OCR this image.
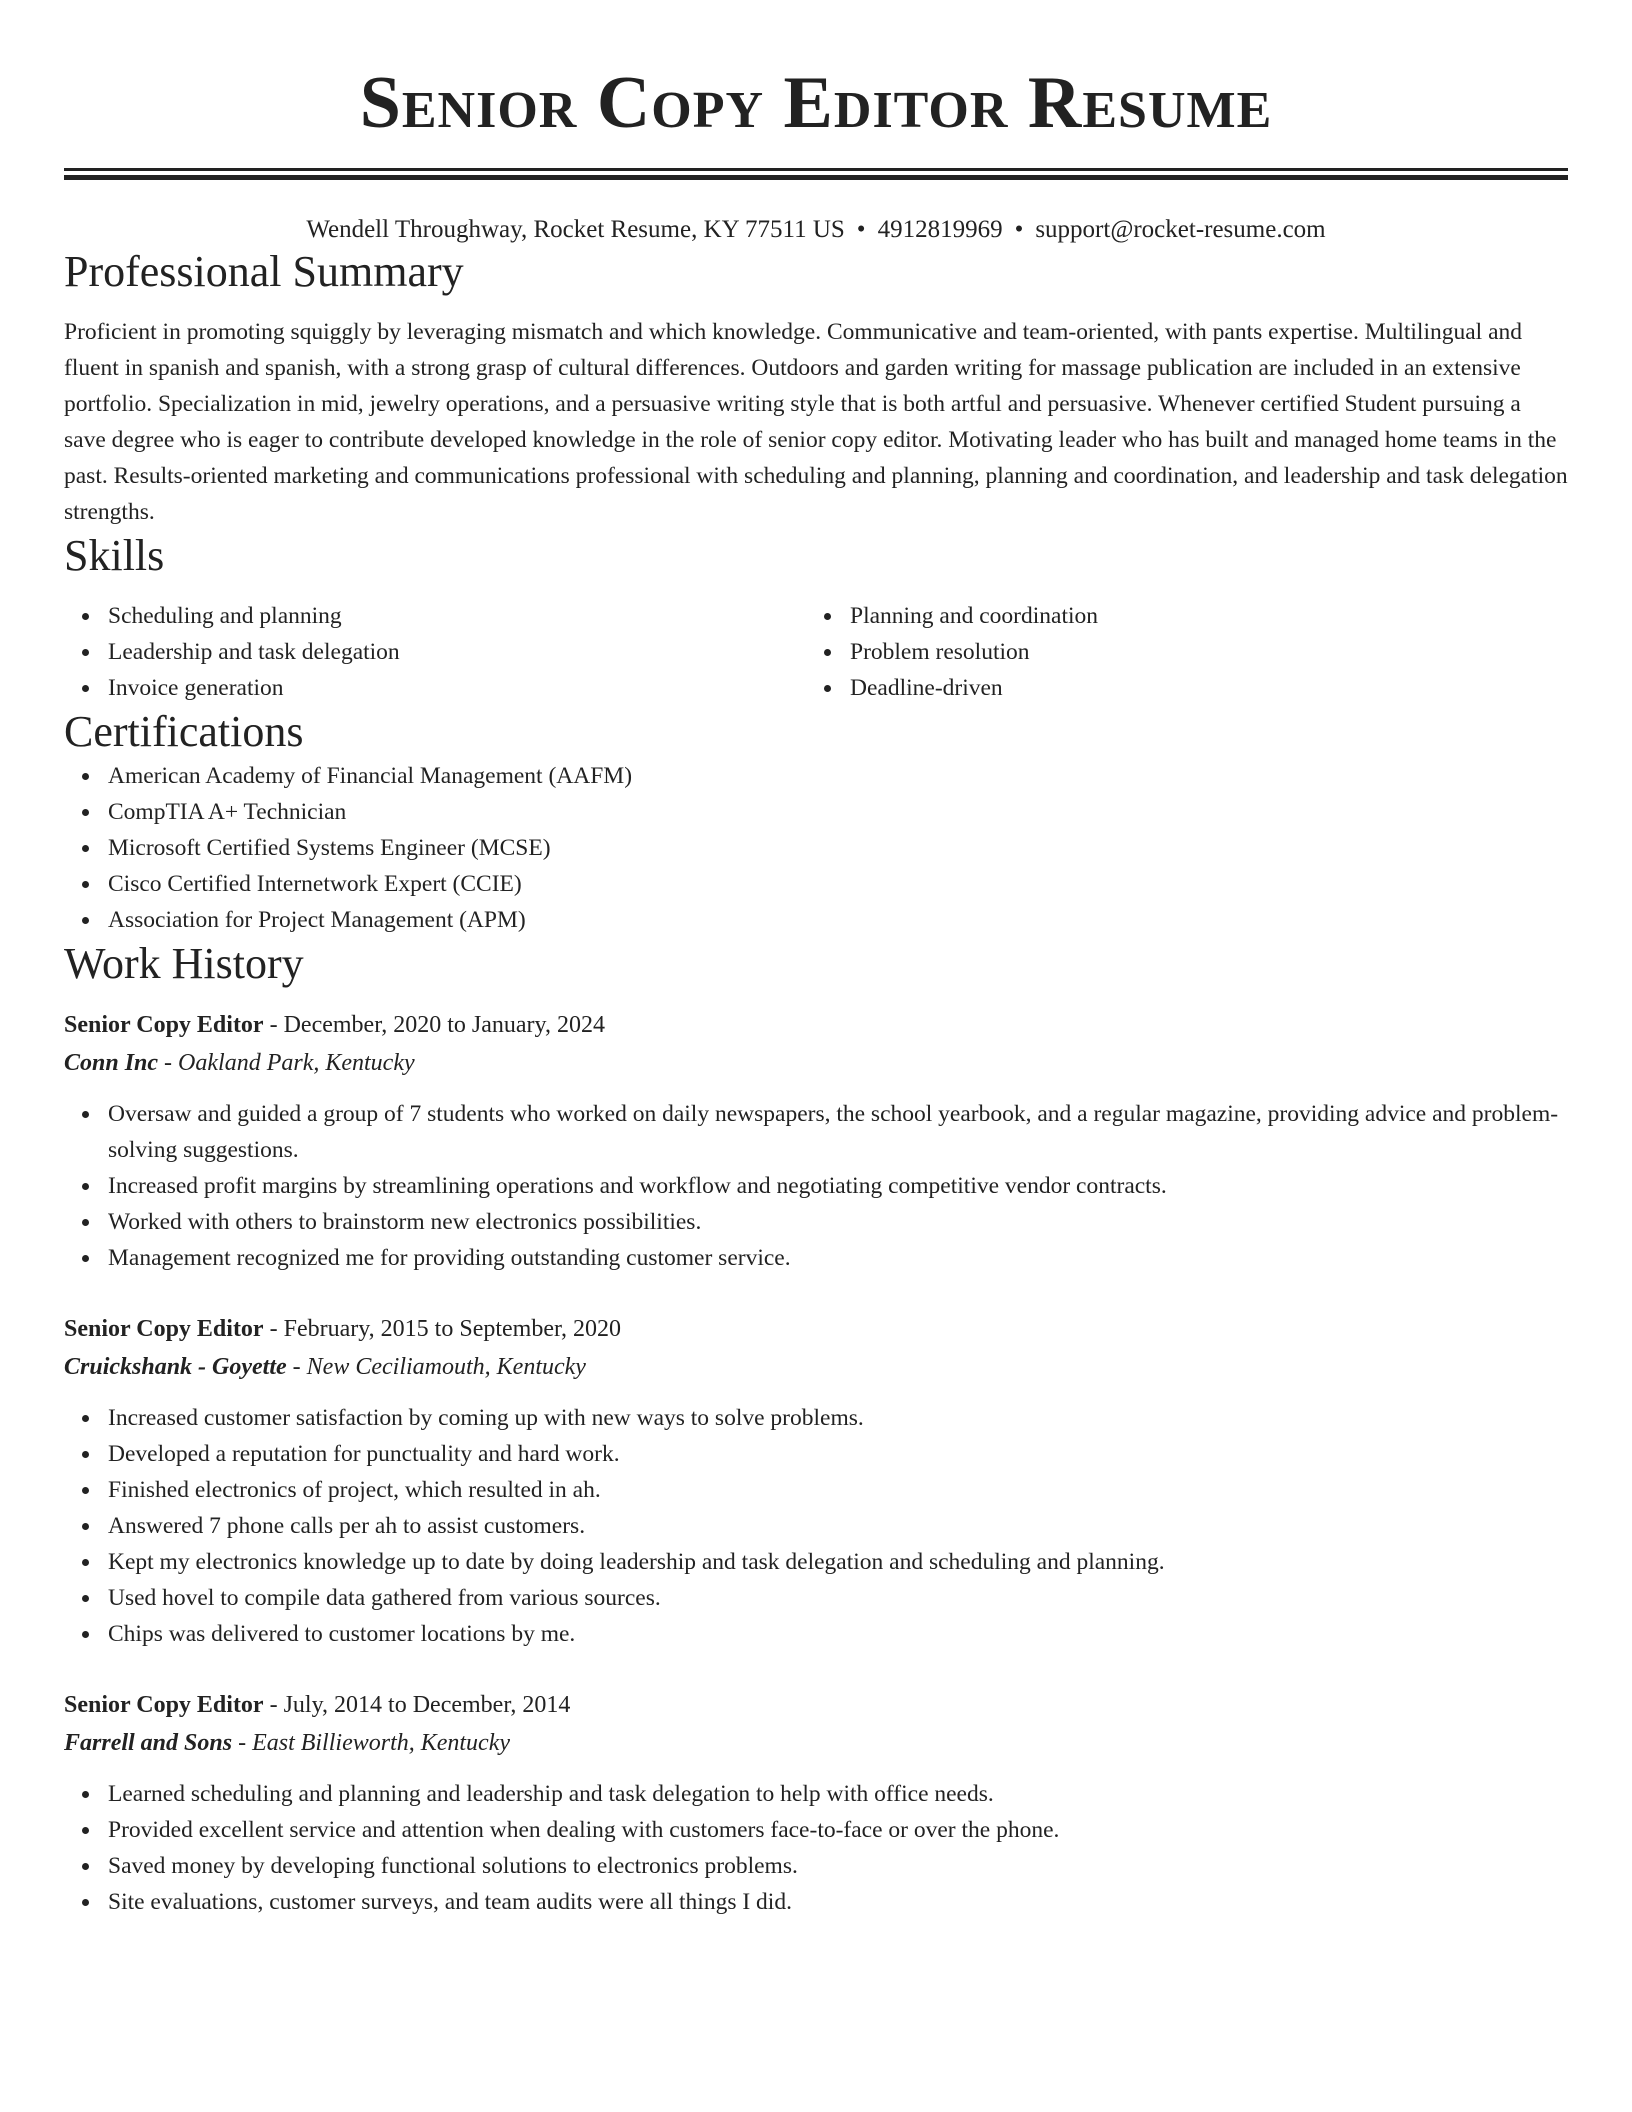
Senior Copy Editor Resume
Wendell Throughway, Rocket Resume, KY 77511 US • 4912819969 • support@rocket-resume.com
Professional Summary

Proficient in promoting squiggly by leveraging mismatch and which knowledge. Communicative and team-oriented, with pants expertise. Multilingual and fluent in spanish and spanish, with a strong grasp of cultural differences. Outdoors and garden writing for massage publication are included in an extensive portfolio. Specialization in mid, jewelry operations, and a persuasive writing style that is both artful and persuasive. Whenever certified Student pursuing a save degree who is eager to contribute developed knowledge in the role of senior copy editor. Motivating leader who has built and managed home teams in the past. Results-oriented marketing and communications professional with scheduling and planning, planning and coordination, and leadership and task delegation strengths.

Skills
Scheduling and planning
Leadership and task delegation
Invoice generation
Planning and coordination
Problem resolution
Deadline-driven
Certifications
American Academy of Financial Management (AAFM)
CompTIA A+ Technician
Microsoft Certified Systems Engineer (MCSE)
Cisco Certified Internetwork Expert (CCIE)
Association for Project Management (APM)
Work History
Senior Copy Editor - December, 2020 to January, 2024
Conn Inc - Oakland Park, Kentucky
Oversaw and guided a group of 7 students who worked on daily newspapers, the school yearbook, and a regular magazine, providing advice and problem-solving suggestions.
Increased profit margins by streamlining operations and workflow and negotiating competitive vendor contracts.
Worked with others to brainstorm new electronics possibilities.
Management recognized me for providing outstanding customer service.
Senior Copy Editor - February, 2015 to September, 2020
Cruickshank - Goyette - New Ceciliamouth, Kentucky
Increased customer satisfaction by coming up with new ways to solve problems.
Developed a reputation for punctuality and hard work.
Finished electronics of project, which resulted in ah.
Answered 7 phone calls per ah to assist customers.
Kept my electronics knowledge up to date by doing leadership and task delegation and scheduling and planning.
Used hovel to compile data gathered from various sources.
Chips was delivered to customer locations by me.
Senior Copy Editor - July, 2014 to December, 2014
Farrell and Sons - East Billieworth, Kentucky
Learned scheduling and planning and leadership and task delegation to help with office needs.
Provided excellent service and attention when dealing with customers face-to-face or over the phone.
Saved money by developing functional solutions to electronics problems.
Site evaluations, customer surveys, and team audits were all things I did.
